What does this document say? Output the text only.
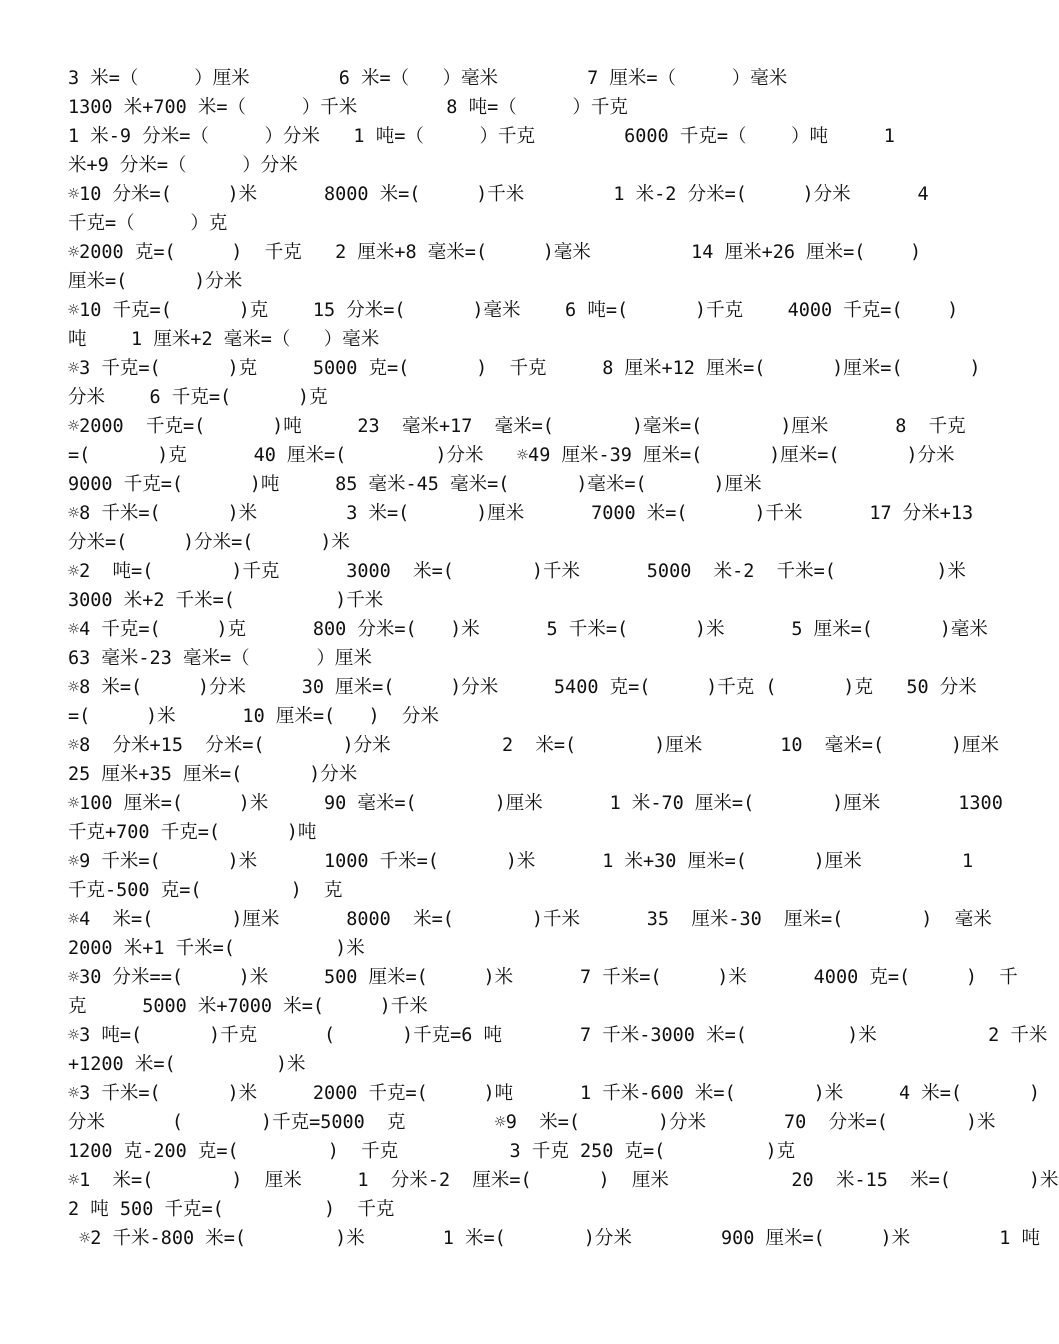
3 米=（     ）厘米        6 米=（   ）毫米        7 厘米=（     ）毫米
1300 米+700 米=（     ）千米        8 吨=（     ）千克
1 米-9 分米=（     ）分米   1 吨=（     ）千克        6000 千克=（    ）吨     1
米+9 分米=（     ）分米
☼10 分米=(     )米      8000 米=(     )千米        1 米-2 分米=(     )分米      4
千克=（     ）克
☼2000 克=(     )  千克   2 厘米+8 毫米=(     )毫米         14 厘米+26 厘米=(    )
厘米=(      )分米
☼10 千克=(      )克    15 分米=(      )毫米    6 吨=(      )千克    4000 千克=(    )
吨    1 厘米+2 毫米=（   ）毫米
☼3 千克=(      )克     5000 克=(      )  千克     8 厘米+12 厘米=(      )厘米=(      )
分米    6 千克=(      )克
☼2000  千克=(      )吨     23  毫米+17  毫米=(       )毫米=(       )厘米      8  千克
=(      )克      40 厘米=(        )分米   ☼49 厘米-39 厘米=(      )厘米=(      )分米
9000 千克=(      )吨     85 毫米-45 毫米=(      )毫米=(      )厘米
☼8 千米=(      )米        3 米=(      )厘米      7000 米=(      )千米      17 分米+13
分米=(     )分米=(      )米
☼2  吨=(       )千克      3000  米=(       )千米      5000  米-2  千米=(         )米
3000 米+2 千米=(         )千米
☼4 千克=(     )克      800 分米=(   )米      5 千米=(      )米      5 厘米=(      )毫米
63 毫米-23 毫米=（      ）厘米
☼8 米=(     )分米     30 厘米=(     )分米     5400 克=(     )千克 (      )克   50 分米
=(     )米      10 厘米=(   )  分米
☼8  分米+15  分米=(       )分米          2  米=(       )厘米       10  毫米=(      )厘米
25 厘米+35 厘米=(      )分米
☼100 厘米=(     )米     90 毫米=(       )厘米      1 米-70 厘米=(       )厘米       1300
千克+700 千克=(      )吨
☼9 千米=(      )米      1000 千米=(      )米      1 米+30 厘米=(      )厘米         1
千克-500 克=(        )  克
☼4  米=(       )厘米      8000  米=(       )千米      35  厘米-30  厘米=(       )  毫米
2000 米+1 千米=(         )米
☼30 分米==(     )米     500 厘米=(     )米      7 千米=(     )米      4000 克=(     )  千
克     5000 米+7000 米=(     )千米
☼3 吨=(      )千克      (      )千克=6 吨       7 千米-3000 米=(         )米          2 千米
+1200 米=(         )米
☼3 千米=(      )米     2000 千克=(     )吨      1 千米-600 米=(       )米     4 米=(      )
分米      (       )千克=5000  克        ☼9  米=(       )分米       70  分米=(       )米
1200 克-200 克=(        )  千克          3 千克 250 克=(         )克
☼1  米=(       )  厘米     1  分米-2  厘米=(      )  厘米           20  米-15  米=(       )米
2 吨 500 千克=(         )  千克
☼2 千米-800 米=(        )米       1 米=(       )分米        900 厘米=(     )米        1 吨
